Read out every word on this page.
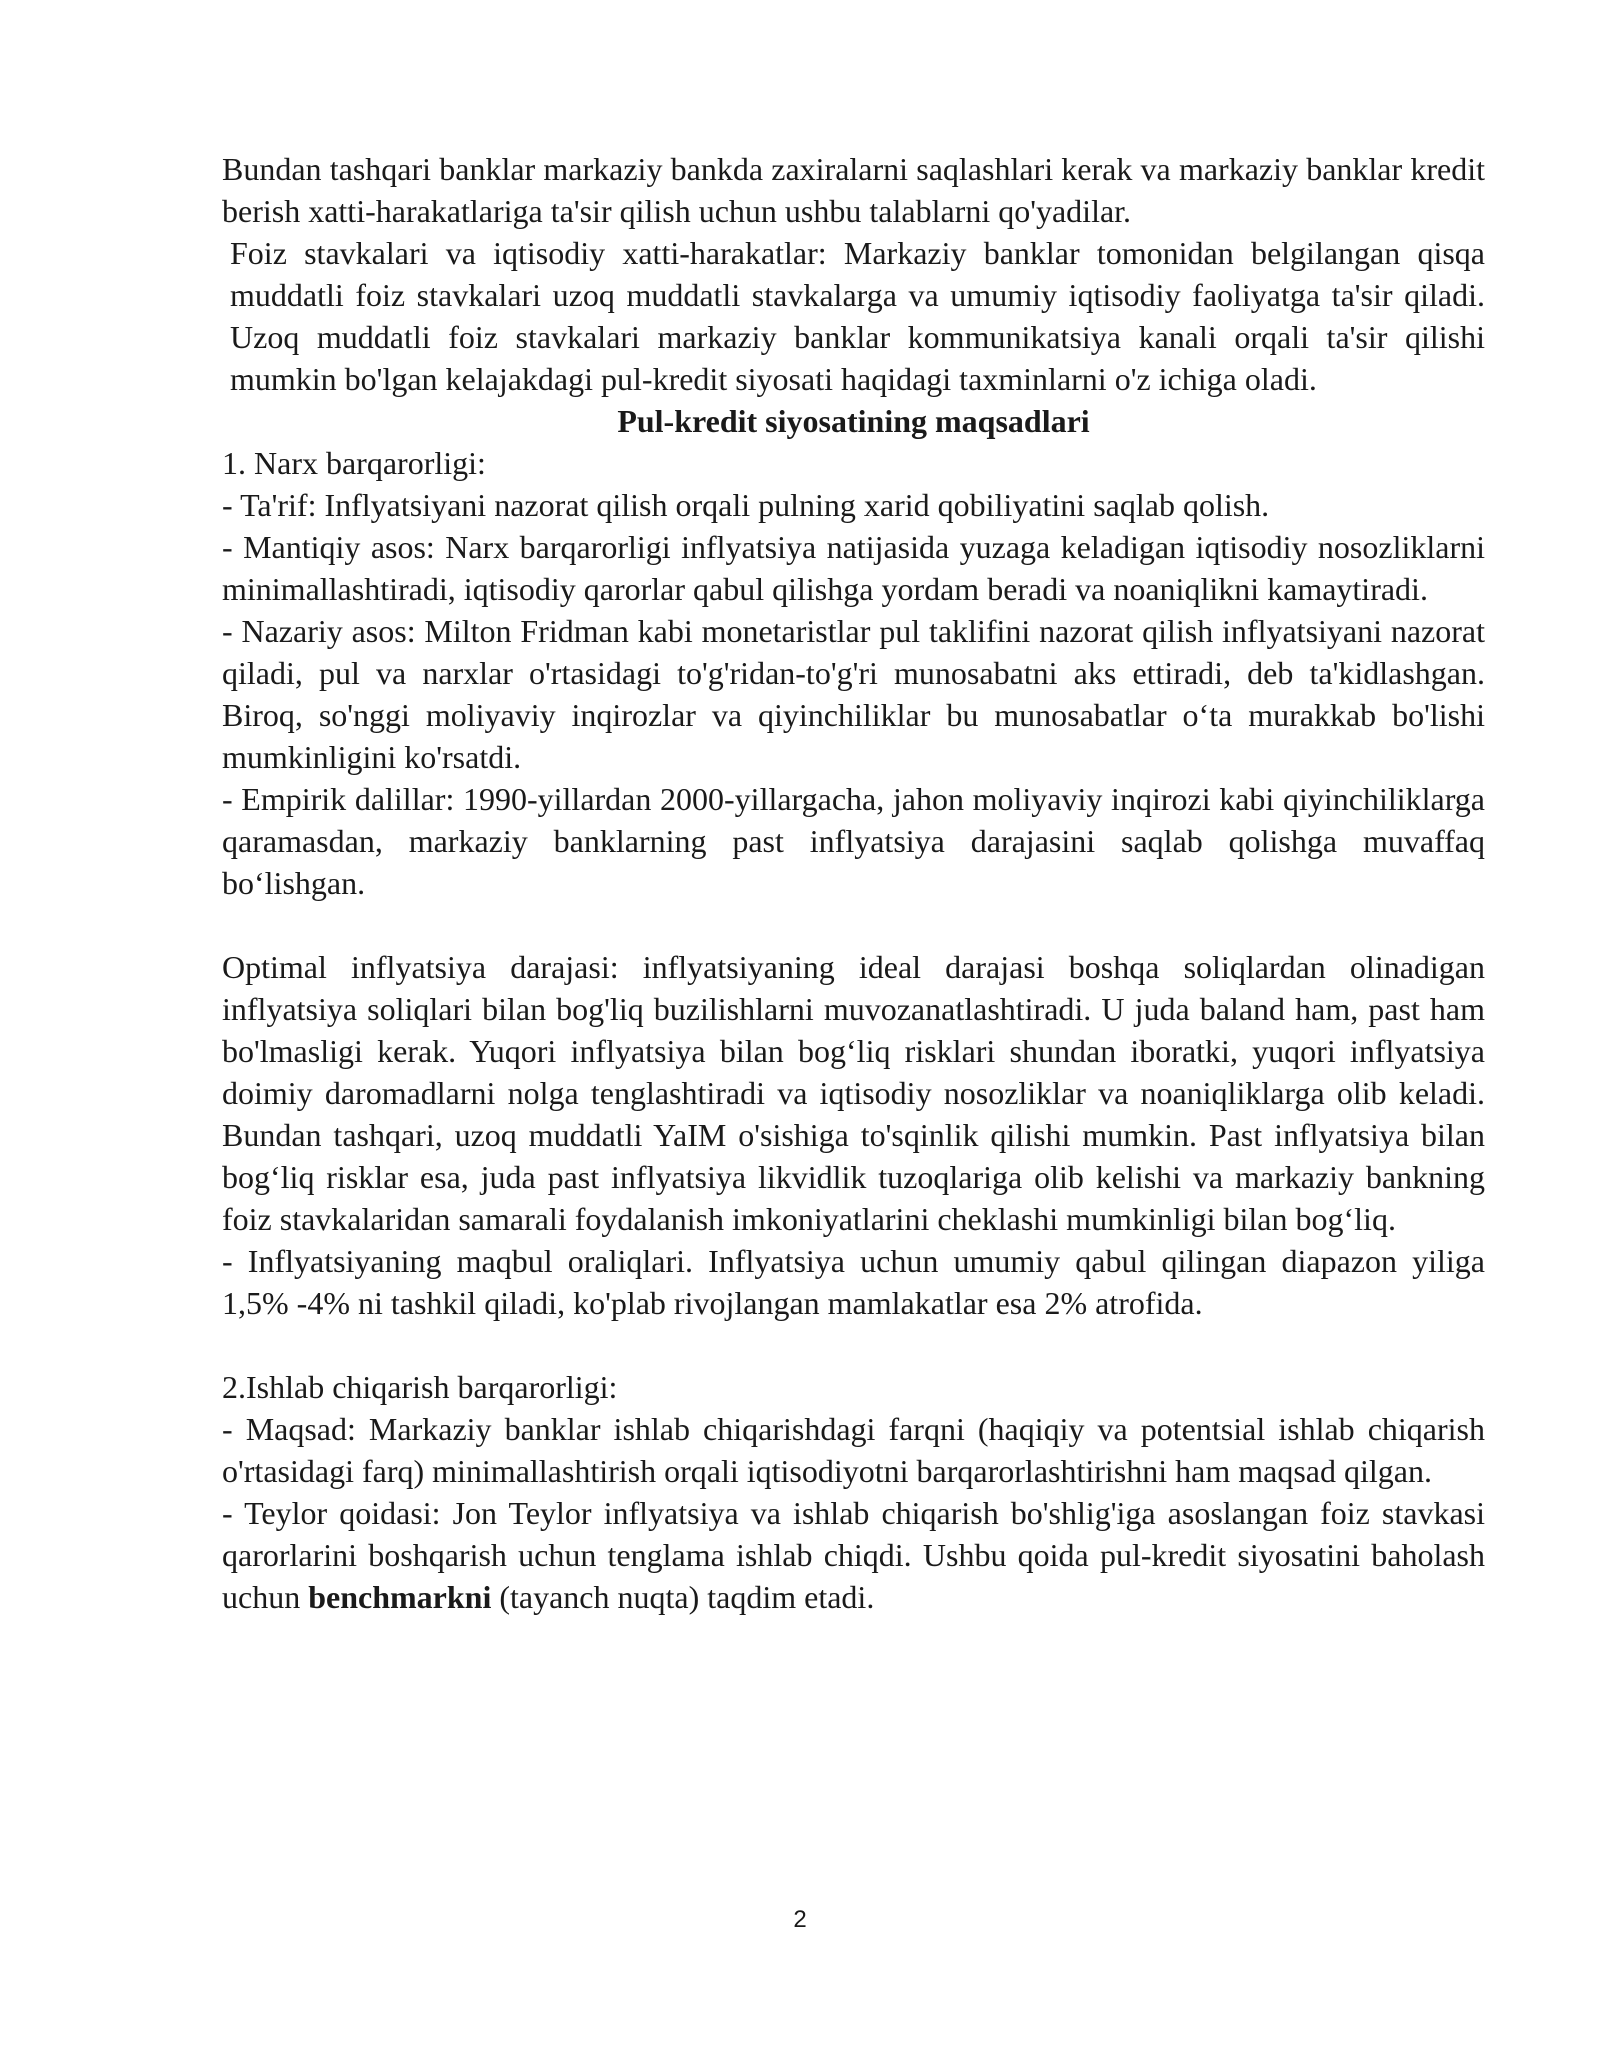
Bundan tashqari banklar markaziy bankda zaxiralarni saqlashlari kerak va markaziy banklar kredit berish xatti-harakatlariga ta'sir qilish uchun ushbu talablarni qo'yadilar.

Foiz stavkalari va iqtisodiy xatti-harakatlar: Markaziy banklar tomonidan belgilangan qisqa muddatli foiz stavkalari uzoq muddatli stavkalarga va umumiy iqtisodiy faoliyatga ta'sir qiladi. Uzoq muddatli foiz stavkalari markaziy banklar kommunikatsiya kanali orqali ta'sir qilishi mumkin bo'lgan kelajakdagi pul-kredit siyosati haqidagi taxminlarni o'z ichiga oladi.

Pul-kredit siyosatining maqsadlari

1. Narx barqarorligi:

- Ta'rif: Inflyatsiyani nazorat qilish orqali pulning xarid qobiliyatini saqlab qolish.

- Mantiqiy asos: Narx barqarorligi inflyatsiya natijasida yuzaga keladigan iqtisodiy nosozliklarni minimallashtiradi, iqtisodiy qarorlar qabul qilishga yordam beradi va noaniqlikni kamaytiradi.

- Nazariy asos: Milton Fridman kabi monetaristlar pul taklifini nazorat qilish inflyatsiyani nazorat qiladi, pul va narxlar o'rtasidagi to'g'ridan-to'g'ri munosabatni aks ettiradi, deb ta'kidlashgan. Biroq, so'nggi moliyaviy inqirozlar va qiyinchiliklar bu munosabatlar o‘ta murakkab bo'lishi mumkinligini ko'rsatdi.

- Empirik dalillar: 1990-yillardan 2000-yillargacha, jahon moliyaviy inqirozi kabi qiyinchiliklarga qaramasdan, markaziy banklarning past inflyatsiya darajasini saqlab qolishga muvaffaq bo‘lishgan.

Optimal inflyatsiya darajasi: inflyatsiyaning ideal darajasi boshqa soliqlardan olinadigan inflyatsiya soliqlari bilan bog'liq buzilishlarni muvozanatlashtiradi. U juda baland ham, past ham bo'lmasligi kerak. Yuqori inflyatsiya bilan bog‘liq risklari shundan iboratki, yuqori inflyatsiya doimiy daromadlarni nolga tenglashtiradi va iqtisodiy nosozliklar va noaniqliklarga olib keladi. Bundan tashqari, uzoq muddatli YaIM o'sishiga to'sqinlik qilishi mumkin. Past inflyatsiya bilan bog‘liq risklar esa, juda past inflyatsiya likvidlik tuzoqlariga olib kelishi va markaziy bankning foiz stavkalaridan samarali foydalanish imkoniyatlarini cheklashi mumkinligi bilan bog‘liq.

- Inflyatsiyaning maqbul oraliqlari. Inflyatsiya uchun umumiy qabul qilingan diapazon yiliga 1,5% -4% ni tashkil qiladi, ko'plab rivojlangan mamlakatlar esa 2% atrofida.

2.Ishlab chiqarish barqarorligi:

- Maqsad: Markaziy banklar ishlab chiqarishdagi farqni (haqiqiy va potentsial ishlab chiqarish o'rtasidagi farq) minimallashtirish orqali iqtisodiyotni barqarorlashtirishni ham maqsad qilgan.

- Teylor qoidasi: Jon Teylor inflyatsiya va ishlab chiqarish bo'shlig'iga asoslangan foiz stavkasi qarorlarini boshqarish uchun tenglama ishlab chiqdi. Ushbu qoida pul-kredit siyosatini baholash uchun benchmarkni (tayanch nuqta) taqdim etadi.

2
